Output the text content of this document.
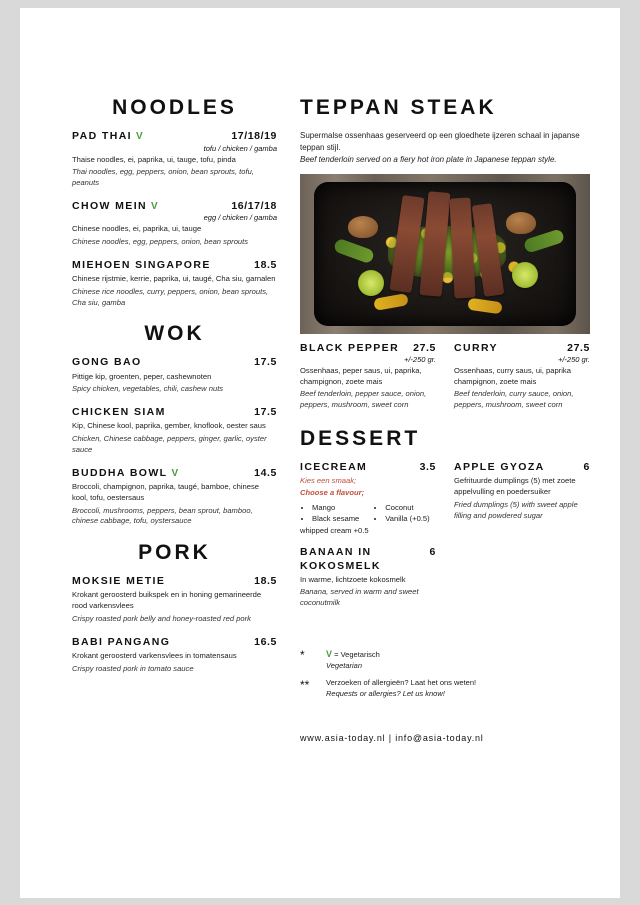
NOODLES
PAD THAI V	17/18/19
tofu / chicken / gamba
Thaise noodles, ei, paprika, ui, tauge, tofu, pinda
Thai noodles, egg, peppers, onion, bean sprouts, tofu, peanuts
CHOW MEIN V	16/17/18
egg / chicken / gamba
Chinese noodles, ei, paprika, ui, tauge
Chinese noodles, egg, peppers, onion, bean sprouts
MIEHOEN SINGAPORE	18.5
Chinese rijstmie, kerrie, paprika, ui, taugé, Cha siu, garnalen
Chinese rice noodles, curry, peppers, onion, bean sprouts, Cha siu, gamba
WOK
GONG BAO	17.5
Pittige kip, groenten, peper, cashewnoten
Spicy chicken, vegetables, chili, cashew nuts
CHICKEN SIAM	17.5
Kip, Chinese kool, paprika, gember, knoflook, oester saus
Chicken, Chinese cabbage, peppers, ginger, garlic, oyster sauce
BUDDHA BOWL V	14.5
Broccoli, champignon, paprika, taugé, bamboe, chinese kool, tofu, oestersaus
Broccoli, mushrooms, peppers, bean sprout, bamboo, chinese cabbage, tofu, oystersauce
PORK
MOKSIE METIE	18.5
Krokant geroosterd buikspek en in honing gemarineerde rood varkensvlees
Crispy roasted pork belly and honey-roasted red pork
BABI PANGANG	16.5
Krokant geroosterd varkensvlees in tomatensaus
Crispy roasted pork in tomato sauce
TEPPAN STEAK
Supermalse ossenhaas geserveerd op een gloedhete ijzeren schaal in japanse teppan stijl.
Beef tenderloin served on a fiery hot iron plate in Japanese teppan style.
BLACK PEPPER	27.5
+/-250 gr.
Ossenhaas, peper saus, ui, paprika, champignon, zoete mais
Beef tenderloin, pepper sauce, onion, peppers, mushroom, sweet corn
CURRY	27.5
+/-250 gr.
Ossenhaas, curry saus, ui, paprika champignon, zoete mais
Beef tenderloin, curry sauce, onion, peppers, mushroom, sweet corn
DESSERT
ICECREAM	3.5
Kies een smaak;
Choose a flavour;
• Mango
• Black sesame
• Coconut
• Vanilla (+0.5)
whipped cream +0.5
BANAAN IN KOKOSMELK
6
In warme, lichtzoete kokosmelk
Banana, served in warm and sweet coconutmilk
APPLE GYOZA	6
Gefrituurde dumplings (5) met zoete appelvulling en poedersuiker
Fried dumplings (5) with sweet apple filling and powdered sugar
*	V = Vegetarisch
Vegetarian
**	Verzoeken of allergieën? Laat het ons weten!
Requests or allergies? Let us know!
www.asia-today.nl | info@asia-today.nl
